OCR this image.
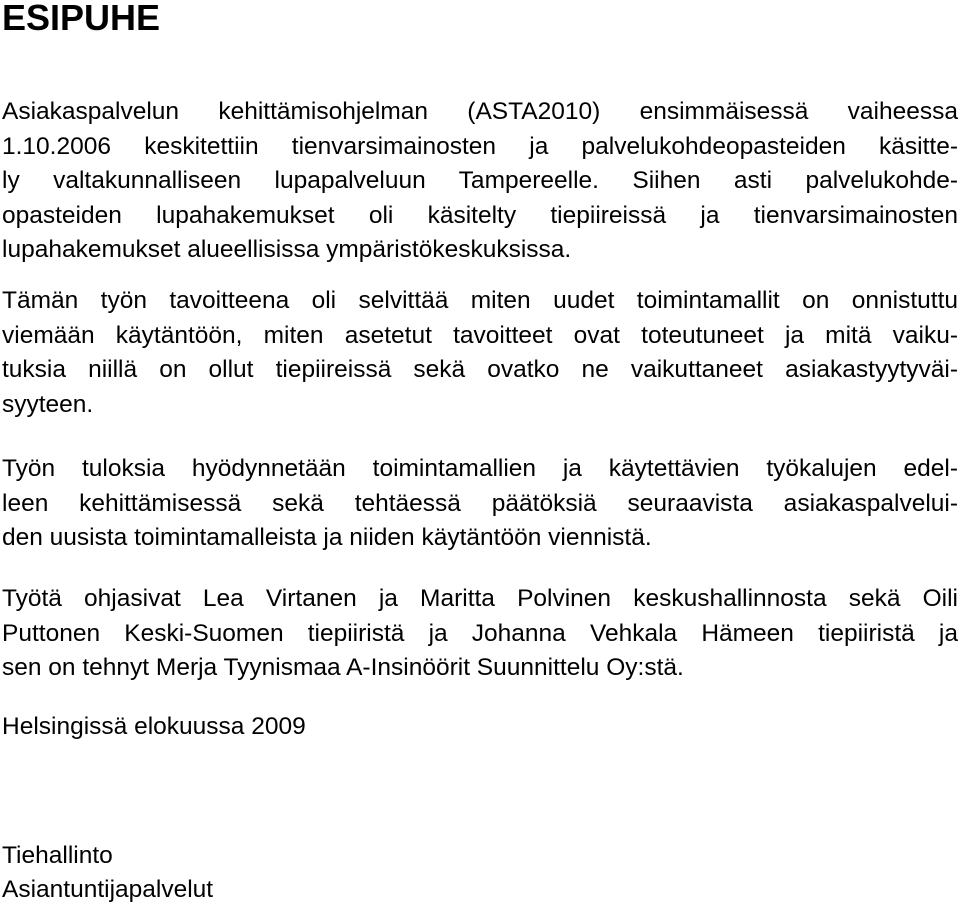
ESIPUHE
Asiakaspalvelun kehittämisohjelman (ASTA2010) ensimmäisessä vaiheessa
1.10.2006 keskitettiin tienvarsimainosten ja palvelukohdeopasteiden käsitte-
ly valtakunnalliseen lupapalveluun Tampereelle. Siihen asti palvelukohde-
opasteiden lupahakemukset oli käsitelty tiepiireissä ja tienvarsimainosten
lupahakemukset alueellisissa ympäristökeskuksissa.
Tämän työn tavoitteena oli selvittää miten uudet toimintamallit on onnistuttu
viemään käytäntöön, miten asetetut tavoitteet ovat toteutuneet ja mitä vaiku-
tuksia niillä on ollut tiepiireissä sekä ovatko ne vaikuttaneet asiakastyytyväi-
syyteen.
Työn tuloksia hyödynnetään toimintamallien ja käytettävien työkalujen edel-
leen kehittämisessä sekä tehtäessä päätöksiä seuraavista asiakaspalvelui-
den uusista toimintamalleista ja niiden käytäntöön viennistä.
Työtä ohjasivat Lea Virtanen ja Maritta Polvinen keskushallinnosta sekä Oili
Puttonen Keski-Suomen tiepiiristä ja Johanna Vehkala Hämeen tiepiiristä ja
sen on tehnyt Merja Tyynismaa A-Insinöörit Suunnittelu Oy:stä.

Helsingissä elokuussa 2009

Tiehallinto

Asiantuntijapalvelut
